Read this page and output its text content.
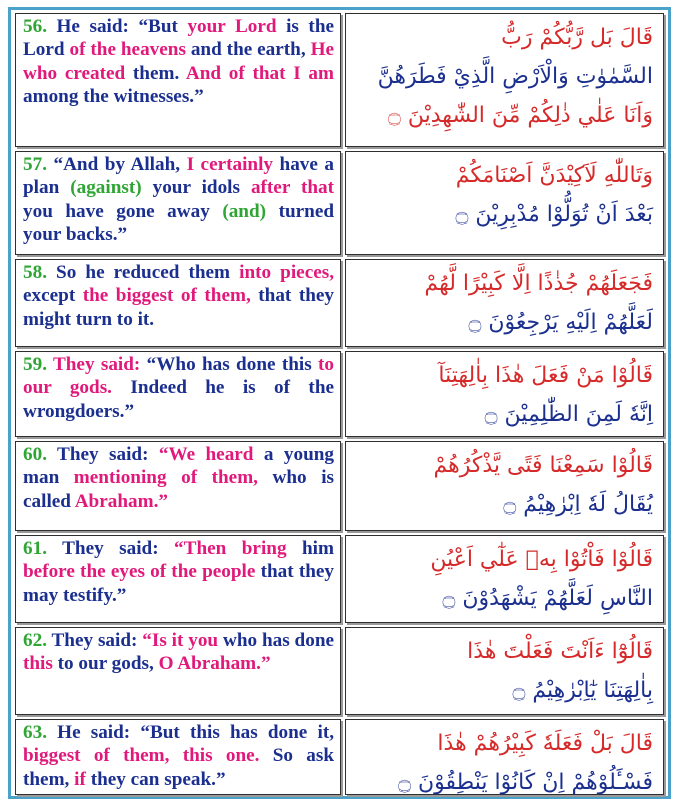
56. He said: “But your Lord is the Lord of the heavens and the earth, He who created them. And of that I am among the witnesses.”
قَالَ بَل رَّبُّكُمْ رَبُّ
السَّمٰوٰتِ وَالْاَرْضِ الَّذِيْ فَطَرَهُنَّ
وَاَنَا عَلٰي ذٰلِكُمْ مِّنَ الشّٰهِدِيْنَ ۝
57. “And by Allah, I certainly have a plan (against) your idols after that you have gone away (and) turned your backs.”
وَتَاللّٰهِ لَاَكِيْدَنَّ اَصْنَامَكُمْ
بَعْدَ اَنْ تُوَلُّوْا مُدْبِرِيْنَ ۝
58. So he reduced them into pieces, except the biggest of them, that they might turn to it.
فَجَعَلَهُمْ جُذٰذًا اِلَّا كَبِيْرًا لَّهُمْ
لَعَلَّهُمْ اِلَيْهِ يَرْجِعُوْنَ ۝
59. They said: “Who has done this to our gods. Indeed he is of the wrongdoers.”
قَالُوْا مَنْ فَعَلَ هٰذَا بِاٰلِهَتِنَآ
اِنَّهٗ لَمِنَ الظّٰلِمِيْنَ ۝
60. They said: “We heard a young man mentioning of them, who is called Abraham.”
قَالُوْا سَمِعْنَا فَتًى يَّذْكُرُهُمْ
يُقَالُ لَهٗ اِبْرٰهِيْمُ ۝
61. They said: “Then bring him before the eyes of the people that they may testify.”
قَالُوْا فَاْتُوْا بِهٖ عَلٰٓي اَعْيُنِ
النَّاسِ لَعَلَّهُمْ يَشْهَدُوْنَ ۝
62. They said: “Is it you who has done this to our gods, O Abraham.”	قَالُوْٓا ءَاَنْتَ فَعَلْتَ هٰذَا
بِاٰلِهَتِنَا يٰٓاِبْرٰهِيْمُ ۝
63. He said: “But this has done it, biggest of them, this one. So ask them, if they can speak.”
قَالَ بَلْ فَعَلَهٗ كَبِيْرُهُمْ هٰذَا
فَسْـَٔلُوْهُمْ اِنْ كَانُوْا يَنْطِقُوْنَ ۝
